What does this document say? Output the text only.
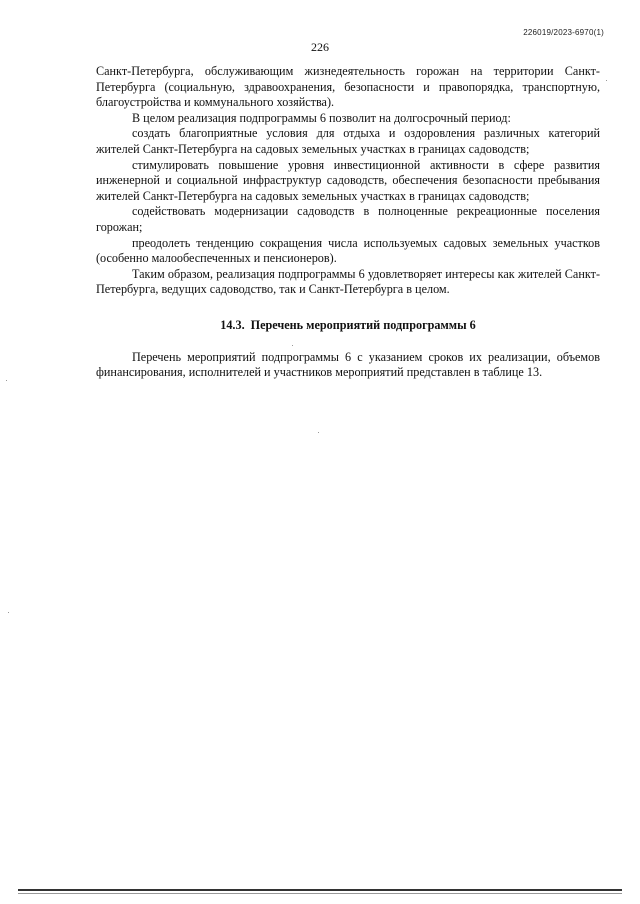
226019/2023-6970(1)
226

Санкт-Петербурга, обслуживающим жизнедеятельность горожан на территории Санкт-Петербурга (социальную, здравоохранения, безопасности и правопорядка, транспортную, благоустройства и коммунального хозяйства).

В целом реализация подпрограммы 6 позволит на долгосрочный период:

создать благоприятные условия для отдыха и оздоровления различных категорий жителей Санкт-Петербурга на садовых земельных участках в границах садоводств;

стимулировать повышение уровня инвестиционной активности в сфере развития инженерной и социальной инфраструктур садоводств, обеспечения безопасности пребывания жителей Санкт-Петербурга на садовых земельных участках в границах садоводств;

содействовать модернизации садоводств в полноценные рекреационные поселения горожан;

преодолеть тенденцию сокращения числа используемых садовых земельных участков (особенно малообеспеченных и пенсионеров).

Таким образом, реализация подпрограммы 6 удовлетворяет интересы как жителей Санкт-Петербурга, ведущих садоводство, так и Санкт-Петербурга в целом.

14.3. Перечень мероприятий подпрограммы 6

Перечень мероприятий подпрограммы 6 с указанием сроков их реализации, объемов финансирования, исполнителей и участников мероприятий представлен в таблице 13.
